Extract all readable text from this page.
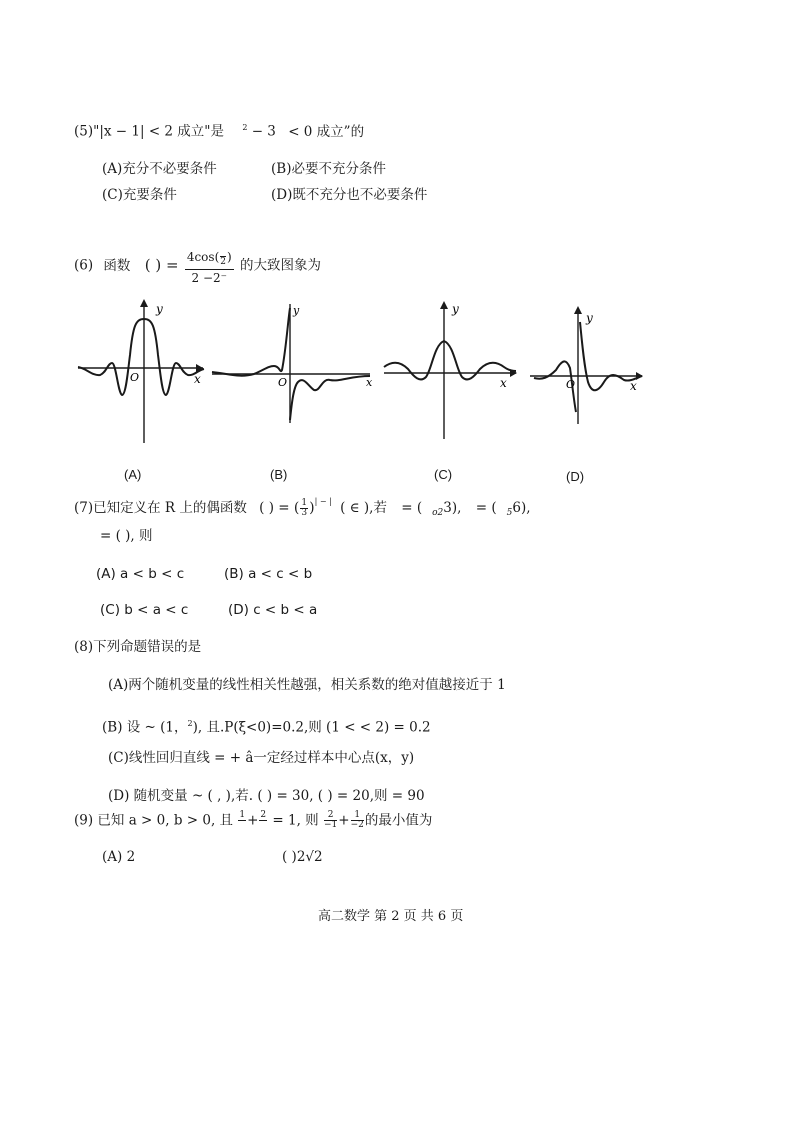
(5)"|x − 1| < 2 成立"是 $^2$ − 3 < 0 成立”的
(A)充分不必要条件	(B)必要不充分条件
(C)充要条件	(D)既不充分也不必要条件
(6) 函数 ( ) = 4cos(
2 )
2 −2⁻ 的大致图象为
y
x
O
y
x
O
y
x
y
x
O
(A)	(B)	(C)	(D)
(7)已知定义在 R 上的偶函数 ( ) = ( $\frac{1}{3} )^{| - |}$ ( ∈ ),若 = ( $_{o2}$3), = ( $_5$6),
= ( ), 则
(A) a < b < c	(B) a < c < b
(C) b < a < c	(D) c < b < a
(8)下列命题错误的是
(A)两个随机变量的线性相关性越强，相关系数的绝对值越接近于 1
(B) 设 ~ (1，$^2$), 且.P(ξ<0)=0.2,则 (1 < < 2) = 0.2
(C)线性回归直线 = + â一定经过样本中心点(x，y)
(D) 随机变量 ~ ( , ),若. ( ) = 30, ( ) = 20,则 = 90
(9) 已知 a > 0, b > 0, 且 1
+ 2
= 1, 则 $\frac{2}{-1} + \frac{1}{-2}$ 的最小值为
(A) 2	( )2√2
高二数学 第 2 页 共 6 页
